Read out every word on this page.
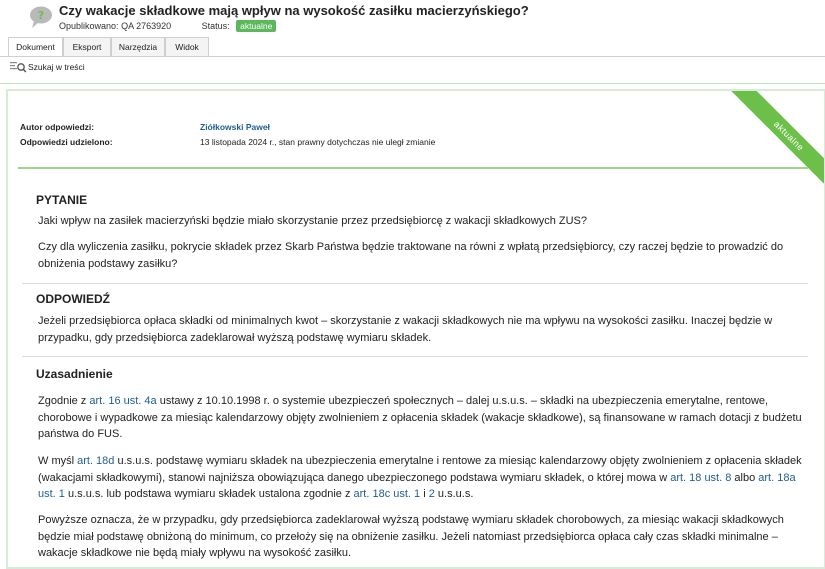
? Czy wakacje składkowe mają wpływ na wysokość zasiłku macierzyńskiego?
Opublikowano: QA 2763920	Status: aktualne
Dokument	Eksport	Narzędzia	Widok
Szukaj w treści
aktualne
Autor odpowiedzi:	Ziółkowski Paweł
Odpowiedzi udzielono:	13 listopada 2024 r., stan prawny dotychczas nie uległ zmianie
PYTANIE
Jaki wpływ na zasiłek macierzyński będzie miało skorzystanie przez przedsiębiorcę z wakacji składkowych ZUS?
Czy dla wyliczenia zasiłku, pokrycie składek przez Skarb Państwa będzie traktowane na równi z wpłatą przedsiębiorcy, czy raczej będzie to prowadzić do obniżenia podstawy zasiłku?
ODPOWIEDŹ
Jeżeli przedsiębiorca opłaca składki od minimalnych kwot – skorzystanie z wakacji składkowych nie ma wpływu na wysokości zasiłku. Inaczej będzie w przypadku, gdy przedsiębiorca zadeklarował wyższą podstawę wymiaru składek.
Uzasadnienie
Zgodnie z art. 16 ust. 4a ustawy z 10.10.1998 r. o systemie ubezpieczeń społecznych – dalej u.s.u.s. – składki na ubezpieczenia emerytalne, rentowe, chorobowe i wypadkowe za miesiąc kalendarzowy objęty zwolnieniem z opłacenia składek (wakacje składkowe), są finansowane w ramach dotacji z budżetu państwa do FUS.
W myśl art. 18d u.s.u.s. podstawę wymiaru składek na ubezpieczenia emerytalne i rentowe za miesiąc kalendarzowy objęty zwolnieniem z opłacenia składek (wakacjami składkowymi), stanowi najniższa obowiązująca danego ubezpieczonego podstawa wymiaru składek, o której mowa w art. 18 ust. 8 albo art. 18a ust. 1 u.s.u.s. lub podstawa wymiaru składek ustalona zgodnie z art. 18c ust. 1 i 2 u.s.u.s.
Powyższe oznacza, że w przypadku, gdy przedsiębiorca zadeklarował wyższą podstawę wymiaru składek chorobowych, za miesiąc wakacji składkowych będzie miał podstawę obniżoną do minimum, co przełoży się na obniżenie zasiłku. Jeżeli natomiast przedsiębiorca opłaca cały czas składki minimalne – wakacje składkowe nie będą miały wpływu na wysokość zasiłku.
